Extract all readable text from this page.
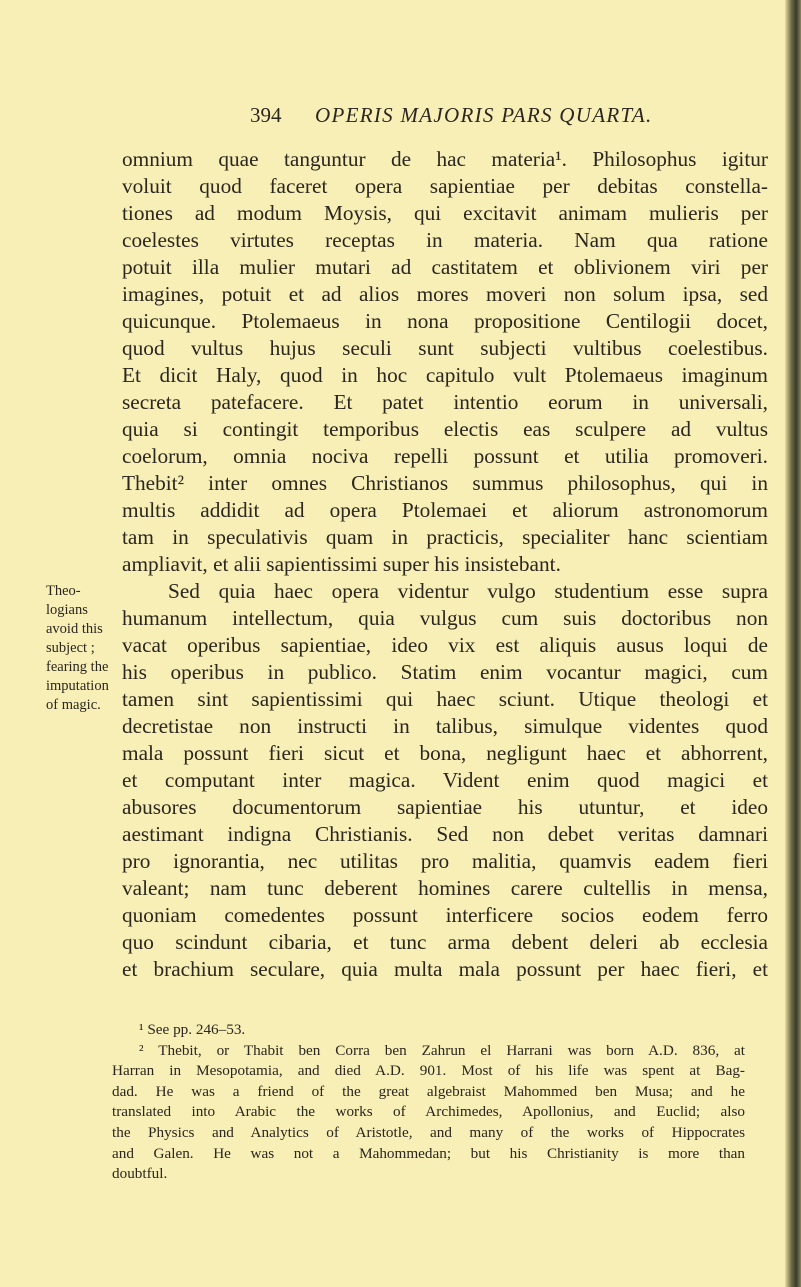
394 OPERIS MAJORIS PARS QUARTA.
omnium quae tanguntur de hac materia¹. Philosophus igitur
voluit quod faceret opera sapientiae per debitas constella-
tiones ad modum Moysis, qui excitavit animam mulieris per
coelestes virtutes receptas in materia. Nam qua ratione
potuit illa mulier mutari ad castitatem et oblivionem viri per
imagines, potuit et ad alios mores moveri non solum ipsa, sed
quicunque. Ptolemaeus in nona propositione Centilogii docet,
quod vultus hujus seculi sunt subjecti vultibus coelestibus.
Et dicit Haly, quod in hoc capitulo vult Ptolemaeus imaginum
secreta patefacere. Et patet intentio eorum in universali,
quia si contingit temporibus electis eas sculpere ad vultus
coelorum, omnia nociva repelli possunt et utilia promoveri.
Thebit² inter omnes Christianos summus philosophus, qui in
multis addidit ad opera Ptolemaei et aliorum astronomorum
tam in speculativis quam in practicis, specialiter hanc scientiam
ampliavit, et alii sapientissimi super his insistebant.
Sed quia haec opera videntur vulgo studentium esse supra
humanum intellectum, quia vulgus cum suis doctoribus non
vacat operibus sapientiae, ideo vix est aliquis ausus loqui de
his operibus in publico. Statim enim vocantur magici, cum
tamen sint sapientissimi qui haec sciunt. Utique theologi et
decretistae non instructi in talibus, simulque videntes quod
mala possunt fieri sicut et bona, negligunt haec et abhorrent,
et computant inter magica. Vident enim quod magici et
abusores documentorum sapientiae his utuntur, et ideo
aestimant indigna Christianis. Sed non debet veritas damnari
pro ignorantia, nec utilitas pro malitia, quamvis eadem fieri
valeant; nam tunc deberent homines carere cultellis in mensa,
quoniam comedentes possunt interficere socios eodem ferro
quo scindunt cibaria, et tunc arma debent deleri ab ecclesia
et brachium seculare, quia multa mala possunt per haec fieri, et
Theo-
logians
avoid this
subject ;
fearing the
imputation
of magic.
¹ See pp. 246–53.
² Thebit, or Thabit ben Corra ben Zahrun el Harrani was born A.D. 836, at
Harran in Mesopotamia, and died A.D. 901. Most of his life was spent at Bag-
dad. He was a friend of the great algebraist Mahommed ben Musa; and he
translated into Arabic the works of Archimedes, Apollonius, and Euclid; also
the Physics and Analytics of Aristotle, and many of the works of Hippocrates
and Galen. He was not a Mahommedan; but his Christianity is more than
doubtful.
